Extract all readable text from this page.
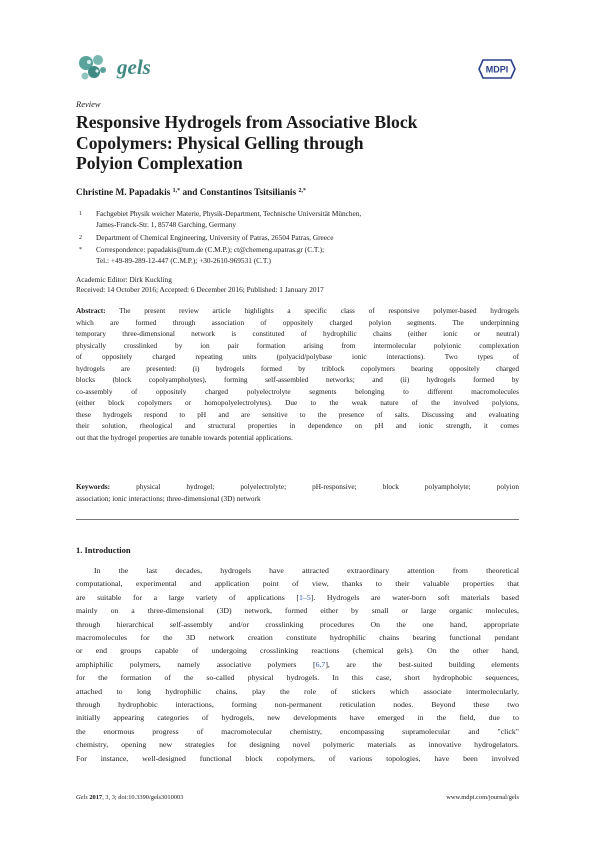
gels	MDPI
Review
Responsive Hydrogels from Associative Block
Copolymers: Physical Gelling through
Polyion Complexation
Christine M. Papadakis $^{1,*}$ and Constantinos Tsitsilianis $^{2,*}$
1 Fachgebiet Physik weicher Materie, Physik-Department, Technische Universität München,
James-Franck-Str. 1, 85748 Garching, Germany
2 Department of Chemical Engineering, University of Patras, 26504 Patras, Greece
* Correspondence: papadakis@tum.de (C.M.P.); ct@chemeng.upatras.gr (C.T.);
Tel.: +49-89-289-12-447 (C.M.P.); +30-2610-969531 (C.T.)
Academic Editor: Dirk Kuckling
Received: 14 October 2016; Accepted: 6 December 2016; Published: 1 January 2017
Abstract: The present review article highlights a specific class of responsive polymer-based hydrogels
which are formed through association of oppositely charged polyion segments. The underpinning
temporary three-dimensional network is constituted of hydrophilic chains (either ionic or neutral)
physically crosslinked by ion pair formation arising from intermolecular polyionic complexation
of oppositely charged repeating units (polyacid/polybase ionic interactions). Two types of
hydrogels are presented: (i) hydrogels formed by triblock copolymers bearing oppositely charged
blocks (block copolyampholytes), forming self-assembled networks; and (ii) hydrogels formed by
co-assembly of oppositely charged polyelectrolyte segments belonging to different macromolecules
(either block copolymers or homopolyelectrolytes). Due to the weak nature of the involved polyions,
these hydrogels respond to pH and are sensitive to the presence of salts. Discussing and evaluating
their solution, rheological and structural properties in dependence on pH and ionic strength, it comes
out that the hydrogel properties are tunable towards potential applications.
Keywords:	physical hydrogel; polyelectrolyte; pH-responsive; block polyampholyte; polyion
association; ionic interactions; three-dimensional (3D) network
1. Introduction
In the last decades, hydrogels have attracted extraordinary attention from theoretical
computational, experimental and application point of view, thanks to their valuable properties that
are suitable for a large variety of applications [1–5]. Hydrogels are water-born soft materials based
mainly on a three-dimensional (3D) network, formed either by small or large organic molecules,
through hierarchical self-assembly and/or crosslinking procedures On the one hand, appropriate
macromolecules for the 3D network creation constitute hydrophilic chains bearing functional pendant
or end groups capable of undergoing crosslinking reactions (chemical gels). On the other hand,
amphiphilic polymers, namely associative polymers [6,7], are the best-suited building elements
for the formation of the so-called physical hydrogels. In this case, short hydrophobic sequences,
attached to long hydrophilic chains, play the role of stickers which associate intermolecularly,
through hydrophobic interactions, forming non-permanent reticulation nodes. Beyond these two
initially appearing categories of hydrogels, new developments have emerged in the field, due to
the enormous progress of macromolecular chemistry, encompassing supramolecular and "click"
chemistry, opening new strategies for designing novel polymeric materials as innovative hydrogelators.
For instance, well-designed functional block copolymers, of various topologies, have been involved
Gels 2017, 3, 3; doi:10.3390/gels3010003	www.mdpi.com/journal/gels
